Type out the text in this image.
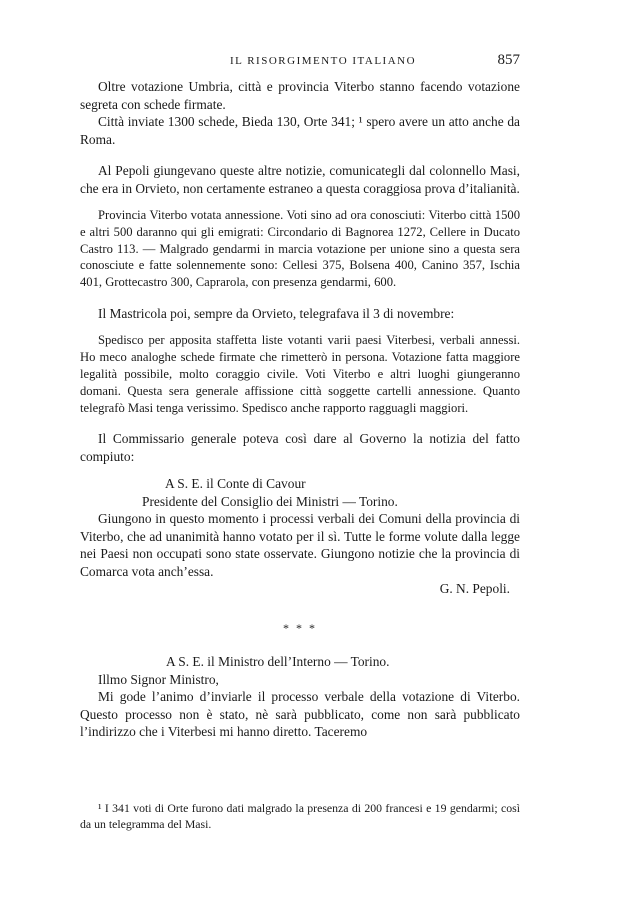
IL RISORGIMENTO ITALIANO	857

Oltre votazione Umbria, città e provincia Viterbo stanno facendo votazione segreta con schede firmate.

Città inviate 1300 schede, Bieda 130, Orte 341; ¹ spero avere un atto anche da Roma.

Al Pepoli giungevano queste altre notizie, comunicategli dal colonnello Masi, che era in Orvieto, non certamente estraneo a questa coraggiosa prova d’italianità.

Provincia Viterbo votata annessione. Voti sino ad ora conosciuti: Viterbo città 1500 e altri 500 daranno qui gli emigrati: Circondario di Bagnorea 1272, Cellere in Ducato Castro 113. — Malgrado gendarmi in marcia votazione per unione sino a questa sera conosciute e fatte solennemente sono: Cellesi 375, Bolsena 400, Canino 357, Ischia 401, Grottecastro 300, Caprarola, con presenza gendarmi, 600.

Il Mastricola poi, sempre da Orvieto, telegrafava il 3 di novembre:

Spedisco per apposita staffetta liste votanti varii paesi Viterbesi, verbali annessi. Ho meco analoghe schede firmate che rimetterò in persona. Votazione fatta maggiore legalità possibile, molto coraggio civile. Voti Viterbo e altri luoghi giungeranno domani. Questa sera generale affissione città soggette cartelli annessione. Quanto telegrafò Masi tenga verissimo. Spedisco anche rapporto ragguagli maggiori.

Il Commissario generale poteva così dare al Governo la notizia del fatto compiuto:

A S. E. il Conte di Cavour

Presidente del Consiglio dei Ministri — Torino.

Giungono in questo momento i processi verbali dei Comuni della provincia di Viterbo, che ad unanimità hanno votato per il sì. Tutte le forme volute dalla legge nei Paesi non occupati sono state osservate. Giungono notizie che la provincia di Comarca vota anch’essa.

G. N. Pepoli.

* * *

A S. E. il Ministro dell’Interno — Torino.

Illmo Signor Ministro,

Mi gode l’animo d’inviarle il processo verbale della votazione di Viterbo. Questo processo non è stato, nè sarà pubblicato, come non sarà pubblicato l’indirizzo che i Viterbesi mi hanno diretto. Taceremo

¹ I 341 voti di Orte furono dati malgrado la presenza di 200 francesi e 19 gendarmi; così da un telegramma del Masi.
